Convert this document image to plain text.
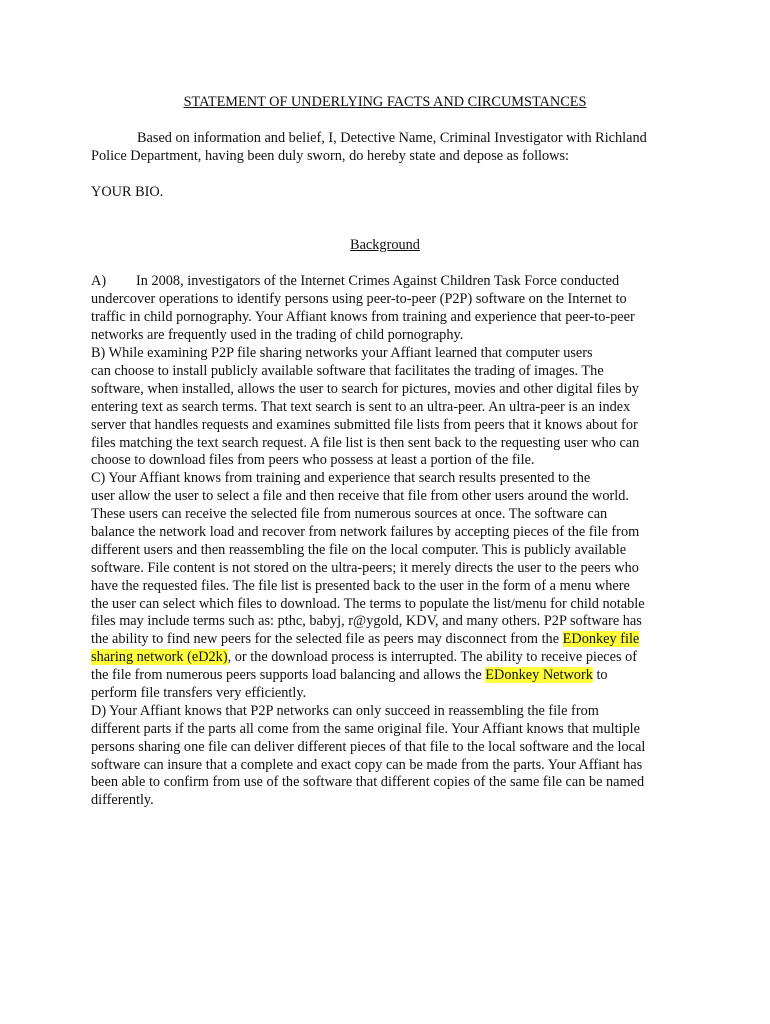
STATEMENT OF UNDERLYING FACTS AND CIRCUMSTANCES
Based on information and belief, I, Detective Name, Criminal Investigator with Richland
Police Department, having been duly sworn, do hereby state and depose as follows:
YOUR BIO.
Background
A) In 2008, investigators of the Internet Crimes Against Children Task Force conducted
undercover operations to identify persons using peer-to-peer (P2P) software on the Internet to
traffic in child pornography. Your Affiant knows from training and experience that peer-to-peer
networks are frequently used in the trading of child pornography.
B) While examining P2P file sharing networks your Affiant learned that computer users
can choose to install publicly available software that facilitates the trading of images. The
software, when installed, allows the user to search for pictures, movies and other digital files by
entering text as search terms. That text search is sent to an ultra-peer. An ultra-peer is an index
server that handles requests and examines submitted file lists from peers that it knows about for
files matching the text search request. A file list is then sent back to the requesting user who can
choose to download files from peers who possess at least a portion of the file.
C) Your Affiant knows from training and experience that search results presented to the
user allow the user to select a file and then receive that file from other users around the world.
These users can receive the selected file from numerous sources at once. The software can
balance the network load and recover from network failures by accepting pieces of the file from
different users and then reassembling the file on the local computer. This is publicly available
software. File content is not stored on the ultra-peers; it merely directs the user to the peers who
have the requested files. The file list is presented back to the user in the form of a menu where
the user can select which files to download. The terms to populate the list/menu for child notable
files may include terms such as: pthc, babyj, r@ygold, KDV, and many others. P2P software has
the ability to find new peers for the selected file as peers may disconnect from the EDonkey file
sharing network (eD2k), or the download process is interrupted. The ability to receive pieces of
the file from numerous peers supports load balancing and allows the EDonkey Network to
perform file transfers very efficiently.
D) Your Affiant knows that P2P networks can only succeed in reassembling the file from
different parts if the parts all come from the same original file. Your Affiant knows that multiple
persons sharing one file can deliver different pieces of that file to the local software and the local
software can insure that a complete and exact copy can be made from the parts. Your Affiant has
been able to confirm from use of the software that different copies of the same file can be named
differently.
